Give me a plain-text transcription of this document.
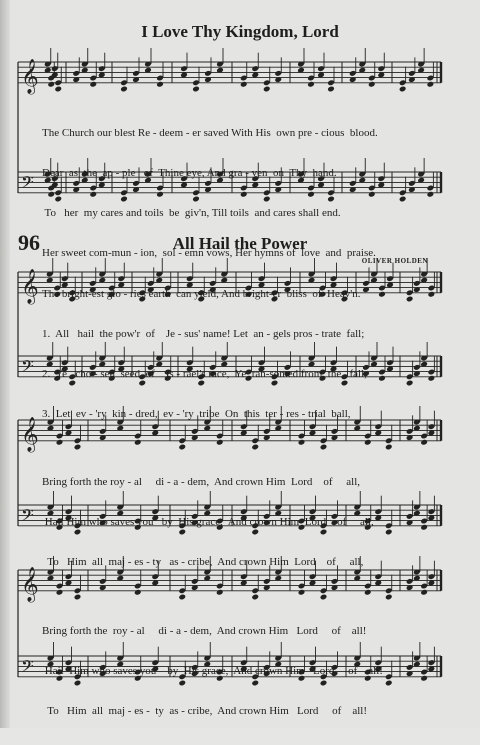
𝄞
𝄢
𝄞
𝄢
𝄞
𝄢
𝄞
𝄢
I Love Thy Kingdom, Lord

The Church our blest Re - deem - er saved With His  own pre - cious  blood.

Dear  as  the  ap - ple   of  Thine eye, And gra - ven  on  Thy  hand.

To   her  my cares and toils  be  giv'n, Till toils  and cares shall end.

Her sweet com-mun - ion,  sol - emn vows, Her hymns of  love  and  praise.

The bright-est glo - ries earth  can yield, And bright-er  bliss  of  Heav'n.

96	All Hail the Power
OLIVER HOLDEN

1.  All   hail  the pow'r  of    Je - sus' name! Let  an - gels pros - trate  fall;

2.  Ye   cho - sen  seed  of    Is - rael's race,  Ye  ran-somed from  the   fall,

3.  Let  ev - 'ry  kin - dred,  ev - 'ry  tribe  On  this  ter - res - trial  ball,

Bring forth the roy - al     di - a - dem,  And crown Him  Lord    of     all,

Hail Him who saves you   by  His grace,  And crown Him  Lord    of     all,

To   Him  all  maj - es - ty   as - cribe,  And crown Him  Lord    of     all,

Bring forth the  roy - al     di - a - dem,  And crown Him   Lord     of    all!

Hail  Him who saves you    by  His grace,  And crown Him   Lord     of    all!

To   Him  all  maj - es -  ty  as - cribe,  And crown Him   Lord     of    all!
